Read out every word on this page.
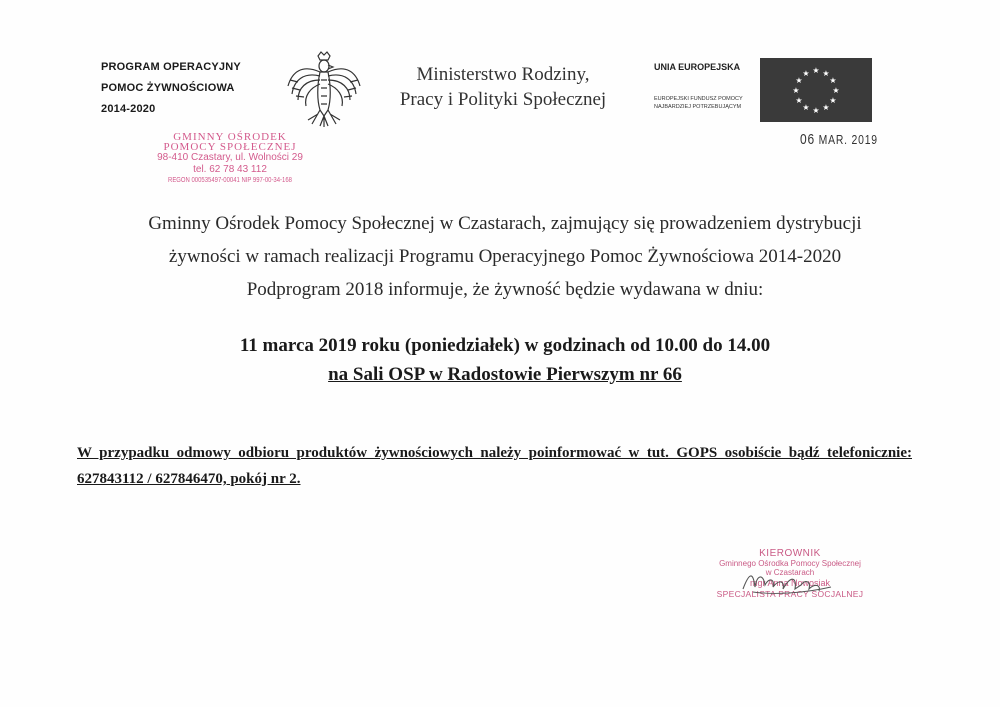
PROGRAM OPERACYJNY
POMOC ŻYWNOŚCIOWA
2014-2020
Ministerstwo Rodziny,
Pracy i Polityki Społecznej
UNIA EUROPEJSKA
EUROPEJSKI FUNDUSZ POMOCY
NAJBARDZIEJ POTRZEBUJĄCYM
★ ★
★
★
★
★
★
★
★
★
★
★
06 MAR. 2019
GMINNY OŚRODEK
POMOCY SPOŁECZNEJ
98-410 Czastary, ul. Wolności 29
tel. 62 78 43 112
REGON 000535497-00041 NIP 997-00-34-168
Gminny Ośrodek Pomocy Społecznej w Czastarach, zajmujący się prowadzeniem dystrybucji
żywności w ramach realizacji Programu Operacyjnego Pomoc Żywnościowa 2014-2020
Podprogram 2018 informuje, że żywność będzie wydawana w dniu:
11 marca 2019 roku (poniedziałek) w godzinach od 10.00 do 14.00
na Sali OSP w Radostowie Pierwszym nr 66
W przypadku odmowy odbioru produktów żywnościowych należy poinformować w tut. GOPS osobiście bądź telefonicznie: 627843112 / 627846470, pokój nr 2.
KIEROWNIK
Gminnego Ośrodka Pomocy Społecznej
w Czastarach
mgr Anna Nowosiak
SPECJALISTA PRACY SOCJALNEJ
